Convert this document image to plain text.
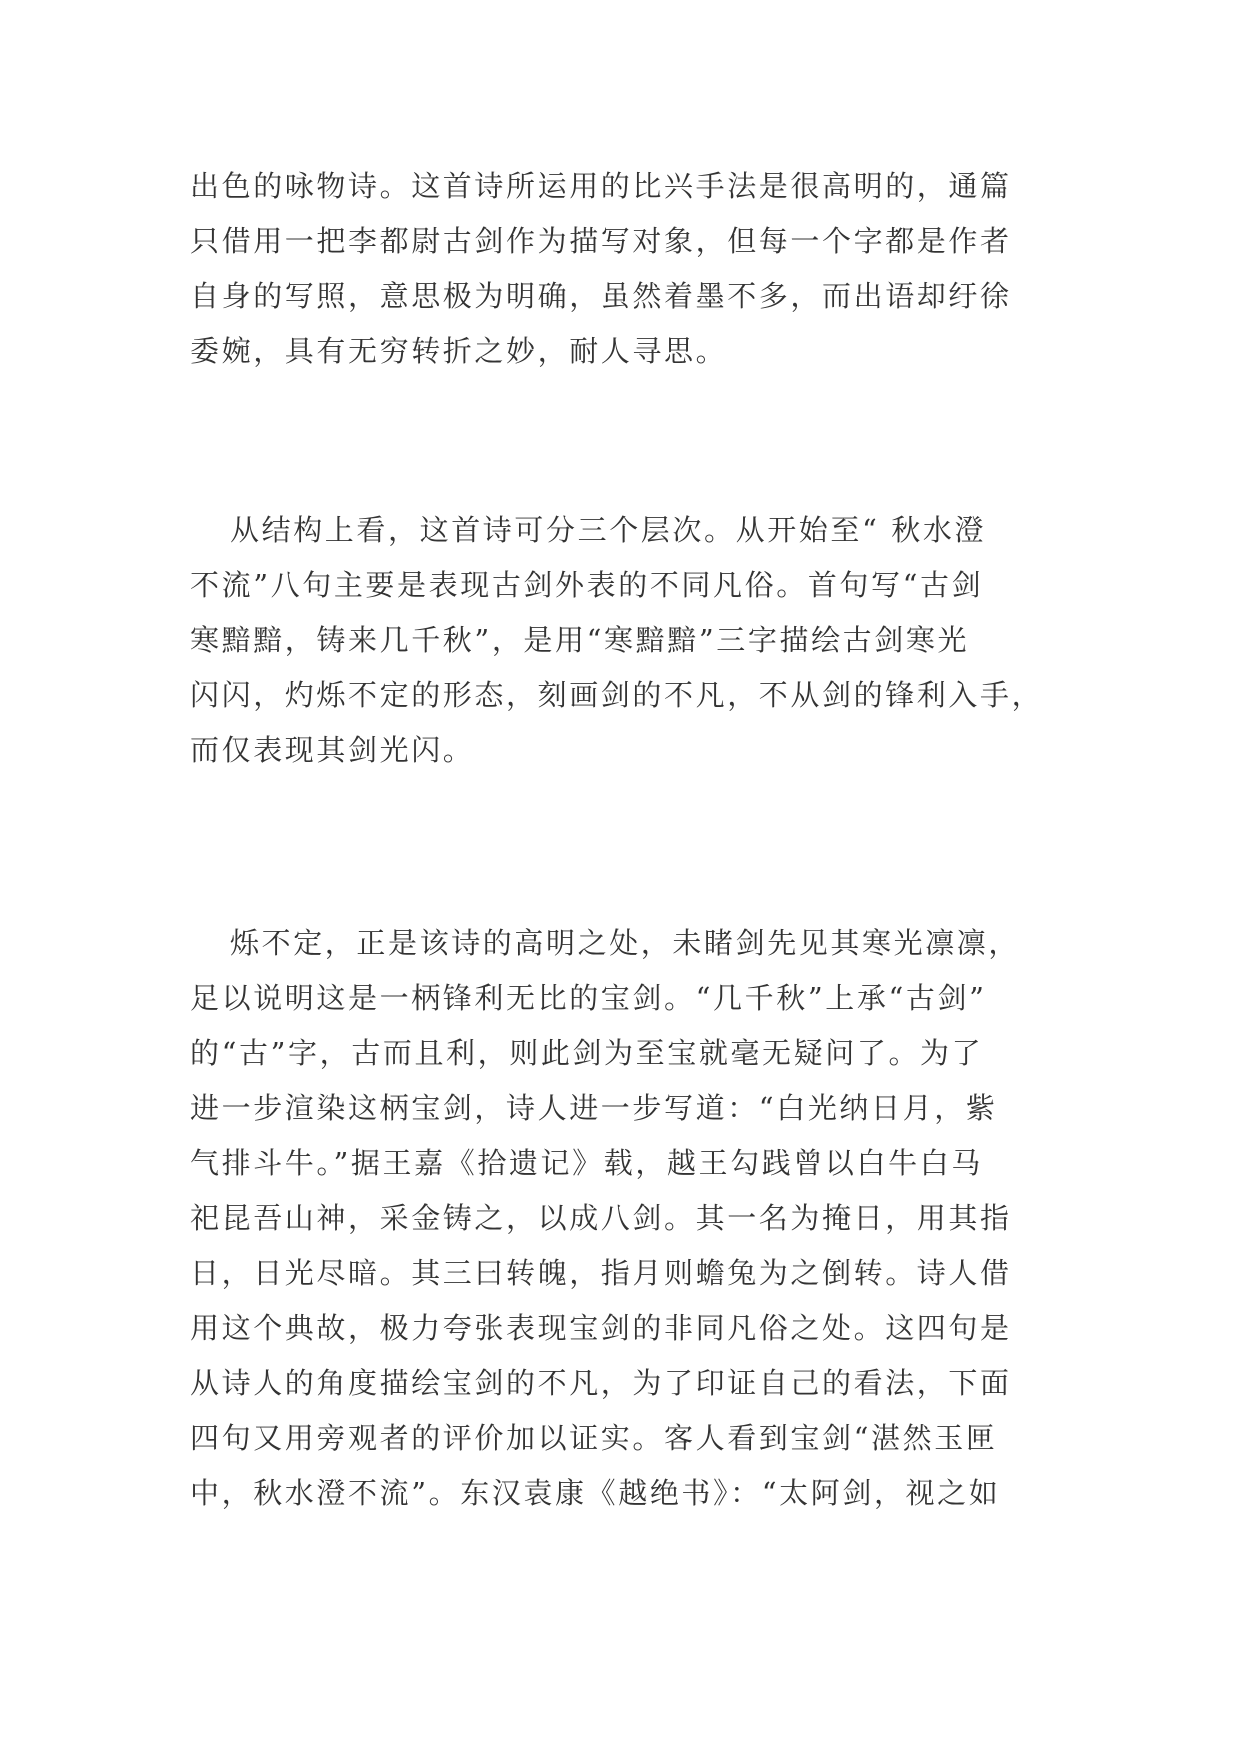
出色的咏物诗。这首诗所运用的比兴手法是很高明的，通篇
只借用一把李都尉古剑作为描写对象，但每一个字都是作者
自身的写照，意思极为明确，虽然着墨不多，而出语却纡徐
委婉，具有无穷转折之妙，耐人寻思。

从结构上看，这首诗可分三个层次。从开始至“ 秋水澄
不流”八句主要是表现古剑外表的不同凡俗。首句写“古剑
寒黯黯，铸来几千秋”，是用“寒黯黯”三字描绘古剑寒光
闪闪，灼烁不定的形态，刻画剑的不凡，不从剑的锋利入手，
而仅表现其剑光闪。

烁不定，正是该诗的高明之处，未睹剑先见其寒光凛凛，
足以说明这是一柄锋利无比的宝剑。“几千秋”上承“古剑”
的“古”字，古而且利，则此剑为至宝就毫无疑问了。为了
进一步渲染这柄宝剑，诗人进一步写道：“白光纳日月，紫
气排斗牛。”据王嘉《拾遗记》载，越王勾践曾以白牛白马
祀昆吾山神，采金铸之，以成八剑。其一名为掩日，用其指
日，日光尽暗。其三曰转魄，指月则蟾兔为之倒转。诗人借
用这个典故，极力夸张表现宝剑的非同凡俗之处。这四句是
从诗人的角度描绘宝剑的不凡，为了印证自己的看法，下面
四句又用旁观者的评价加以证实。客人看到宝剑“湛然玉匣
中，秋水澄不流”。东汉袁康《越绝书》：“太阿剑，视之如
